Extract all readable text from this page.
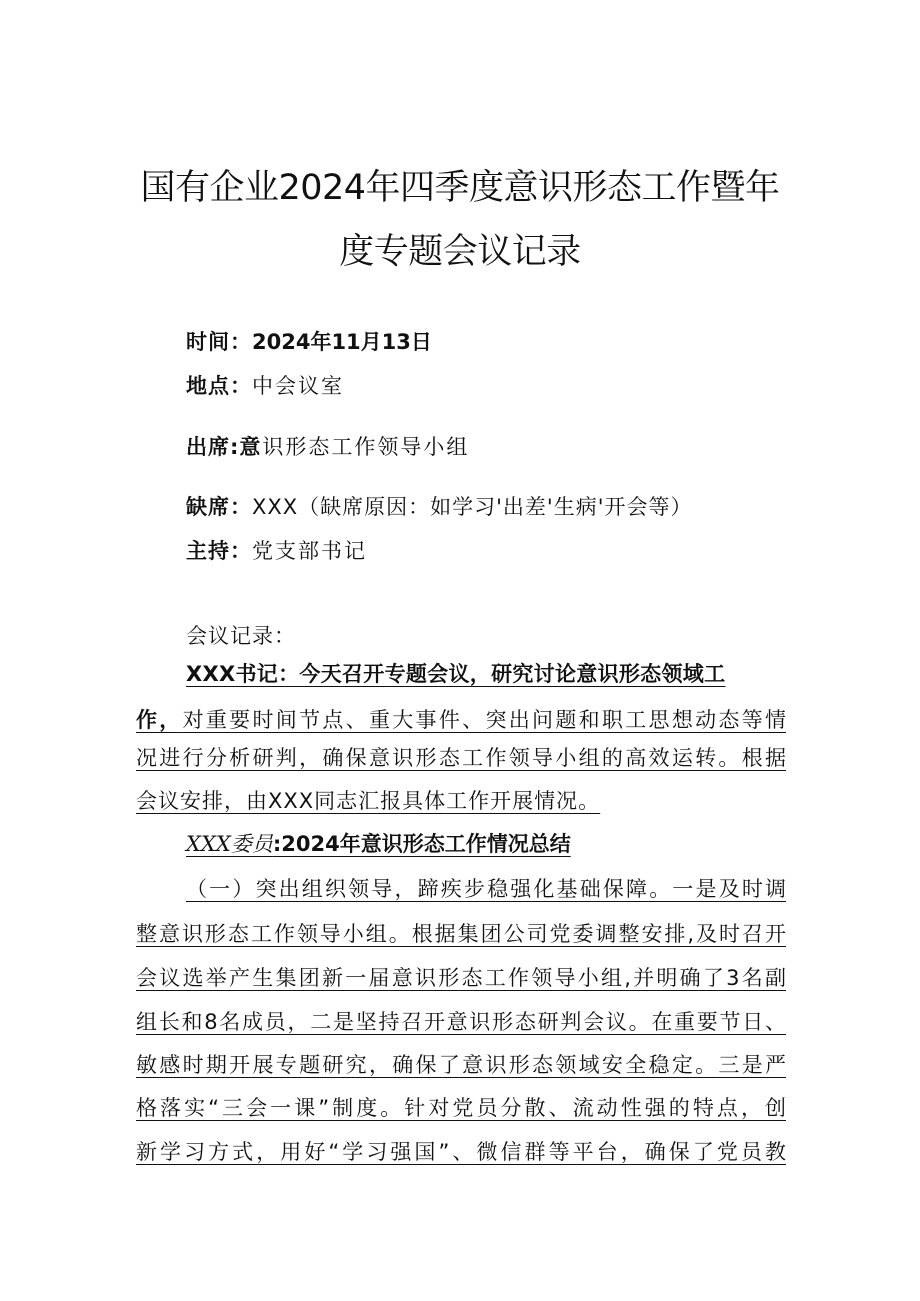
国有企业2024年四季度意识形态工作暨年
度专题会议记录
时间：2024年11月13日
地点：中会议室
出席:意识形态工作领导小组
缺席：XXX（缺席原因：如学习'出差'生病'开会等）
主持：党支部书记
会议记录：
XXX书记：今天召开专题会议，研究讨论意识形态领域工
作，对重要时间节点、重大事件、突出问题和职工思想动态等情
况进行分析研判，确保意识形态工作领导小组的高效运转。根据
会议安排，由XXX同志汇报具体工作开展情况。
XXX委员:2024年意识形态工作情况总结
（一）突出组织领导，蹄疾步稳强化基础保障。一是及时调
整意识形态工作领导小组。根据集团公司党委调整安排,及时召开
会议选举产生集团新一届意识形态工作领导小组,并明确了3名副
组长和8名成员，二是坚持召开意识形态研判会议。在重要节日、
敏感时期开展专题研究，确保了意识形态领域安全稳定。三是严
格落实“三会一课”制度。针对党员分散、流动性强的特点，创
新学习方式，用好“学习强国”、微信群等平台，确保了党员教
